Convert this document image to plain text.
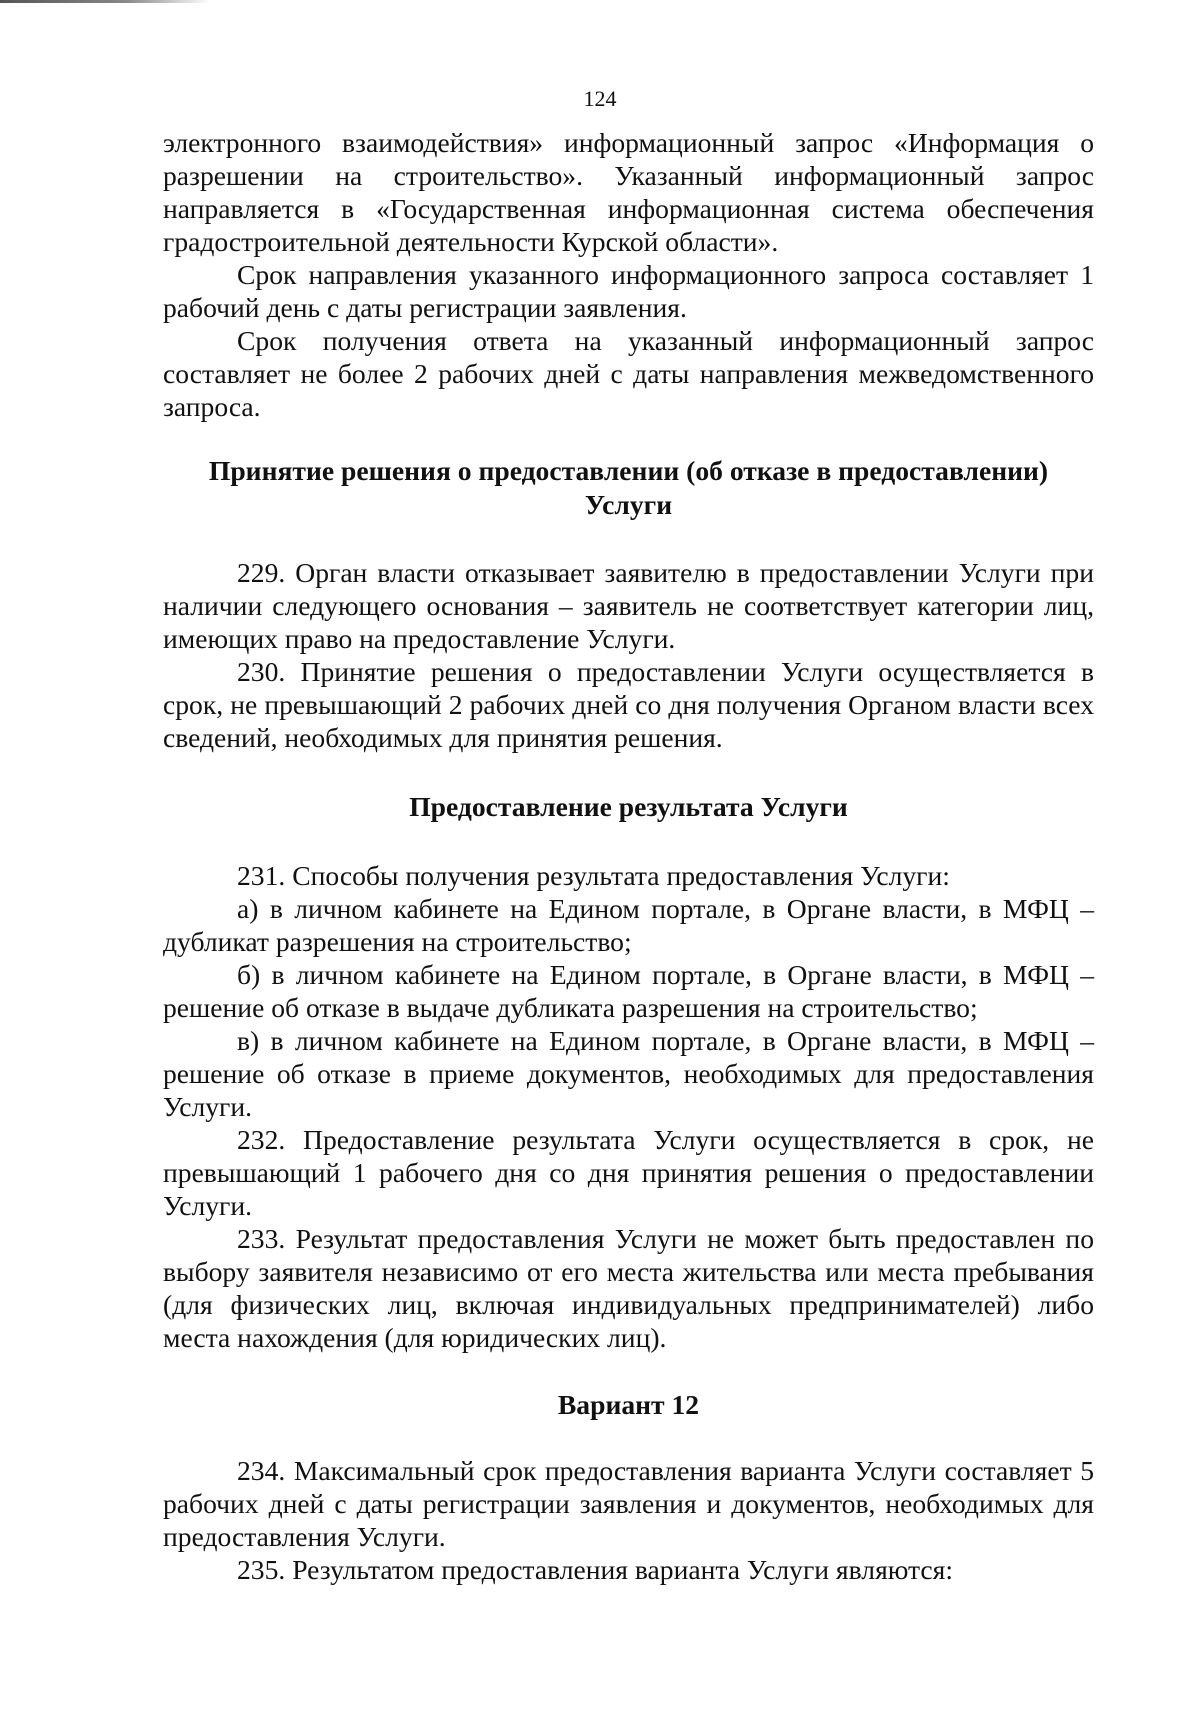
124

электронного взаимодействия» информационный запрос «Информация о разрешении на строительство». Указанный информационный запрос направляется в «Государственная информационная система обеспечения градостроительной деятельности Курской области».

Срок направления указанного информационного запроса составляет 1 рабочий день с даты регистрации заявления.

Срок получения ответа на указанный информационный запрос составляет не более 2 рабочих дней с даты направления межведомственного запроса.

Принятие решения о предоставлении (об отказе в предоставлении) Услуги

229. Орган власти отказывает заявителю в предоставлении Услуги при наличии следующего основания – заявитель не соответствует категории лиц, имеющих право на предоставление Услуги.

230. Принятие решения о предоставлении Услуги осуществляется в срок, не превышающий 2 рабочих дней со дня получения Органом власти всех сведений, необходимых для принятия решения.

Предоставление результата Услуги

231. Способы получения результата предоставления Услуги:

а) в личном кабинете на Едином портале, в Органе власти, в МФЦ – дубликат разрешения на строительство;

б) в личном кабинете на Едином портале, в Органе власти, в МФЦ – решение об отказе в выдаче дубликата разрешения на строительство;

в) в личном кабинете на Едином портале, в Органе власти, в МФЦ – решение об отказе в приеме документов, необходимых для предоставления Услуги.

232. Предоставление результата Услуги осуществляется в срок, не превышающий 1 рабочего дня со дня принятия решения о предоставлении Услуги.

233. Результат предоставления Услуги не может быть предоставлен по выбору заявителя независимо от его места жительства или места пребывания (для физических лиц, включая индивидуальных предпринимателей) либо места нахождения (для юридических лиц).

Вариант 12

234. Максимальный срок предоставления варианта Услуги составляет 5 рабочих дней с даты регистрации заявления и документов, необходимых для предоставления Услуги.

235. Результатом предоставления варианта Услуги являются:
